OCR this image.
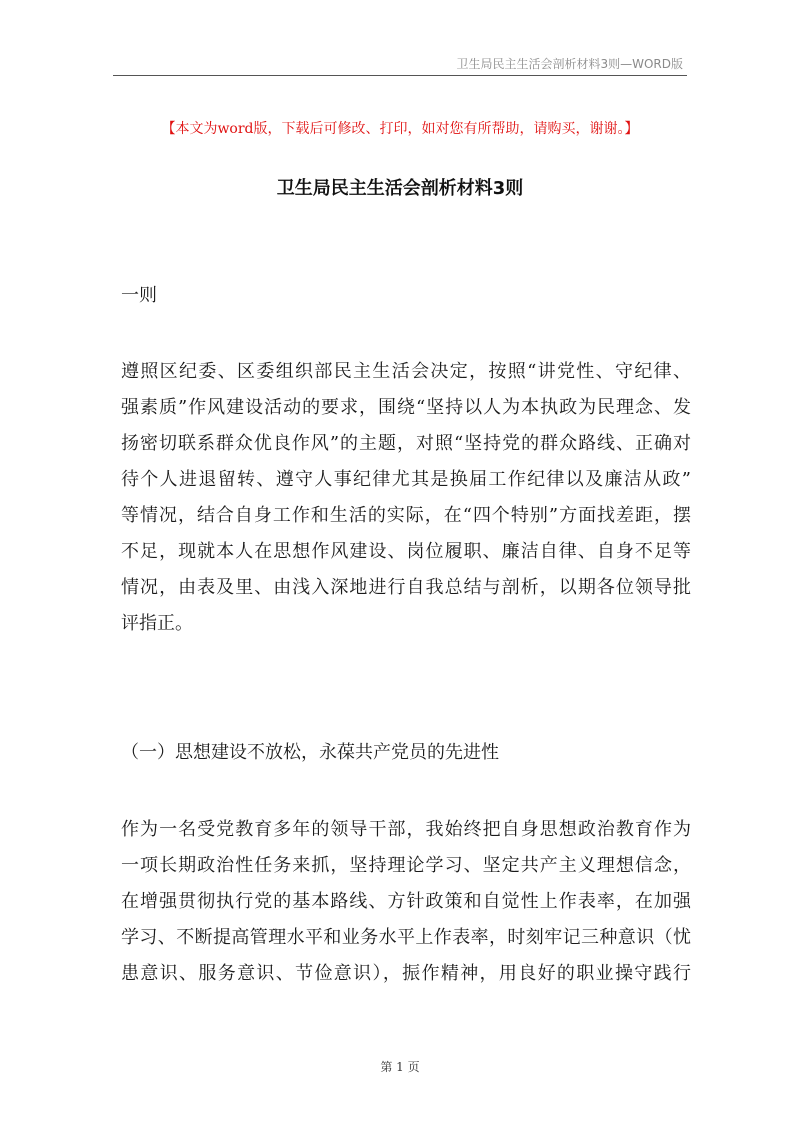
卫生局民主生活会剖析材料3则—WORD版
【本文为word版，下载后可修改、打印，如对您有所帮助，请购买，谢谢。】
卫生局民主生活会剖析材料3则
一则
遵照区纪委、区委组织部民主生活会决定，按照“讲党性、守纪律、
强素质”作风建设活动的要求，围绕“坚持以人为本执政为民理念、发
扬密切联系群众优良作风”的主题，对照“坚持党的群众路线、正确对
待个人进退留转、遵守人事纪律尤其是换届工作纪律以及廉洁从政”
等情况，结合自身工作和生活的实际，在“四个特别”方面找差距，摆
不足，现就本人在思想作风建设、岗位履职、廉洁自律、自身不足等
情况，由表及里、由浅入深地进行自我总结与剖析，以期各位领导批
评指正。
（一）思想建设不放松，永葆共产党员的先进性
作为一名受党教育多年的领导干部，我始终把自身思想政治教育作为
一项长期政治性任务来抓，坚持理论学习、坚定共产主义理想信念，
在增强贯彻执行党的基本路线、方针政策和自觉性上作表率，在加强
学习、不断提高管理水平和业务水平上作表率，时刻牢记三种意识（忧
患意识、服务意识、节俭意识），振作精神，用良好的职业操守践行
第 1 页
